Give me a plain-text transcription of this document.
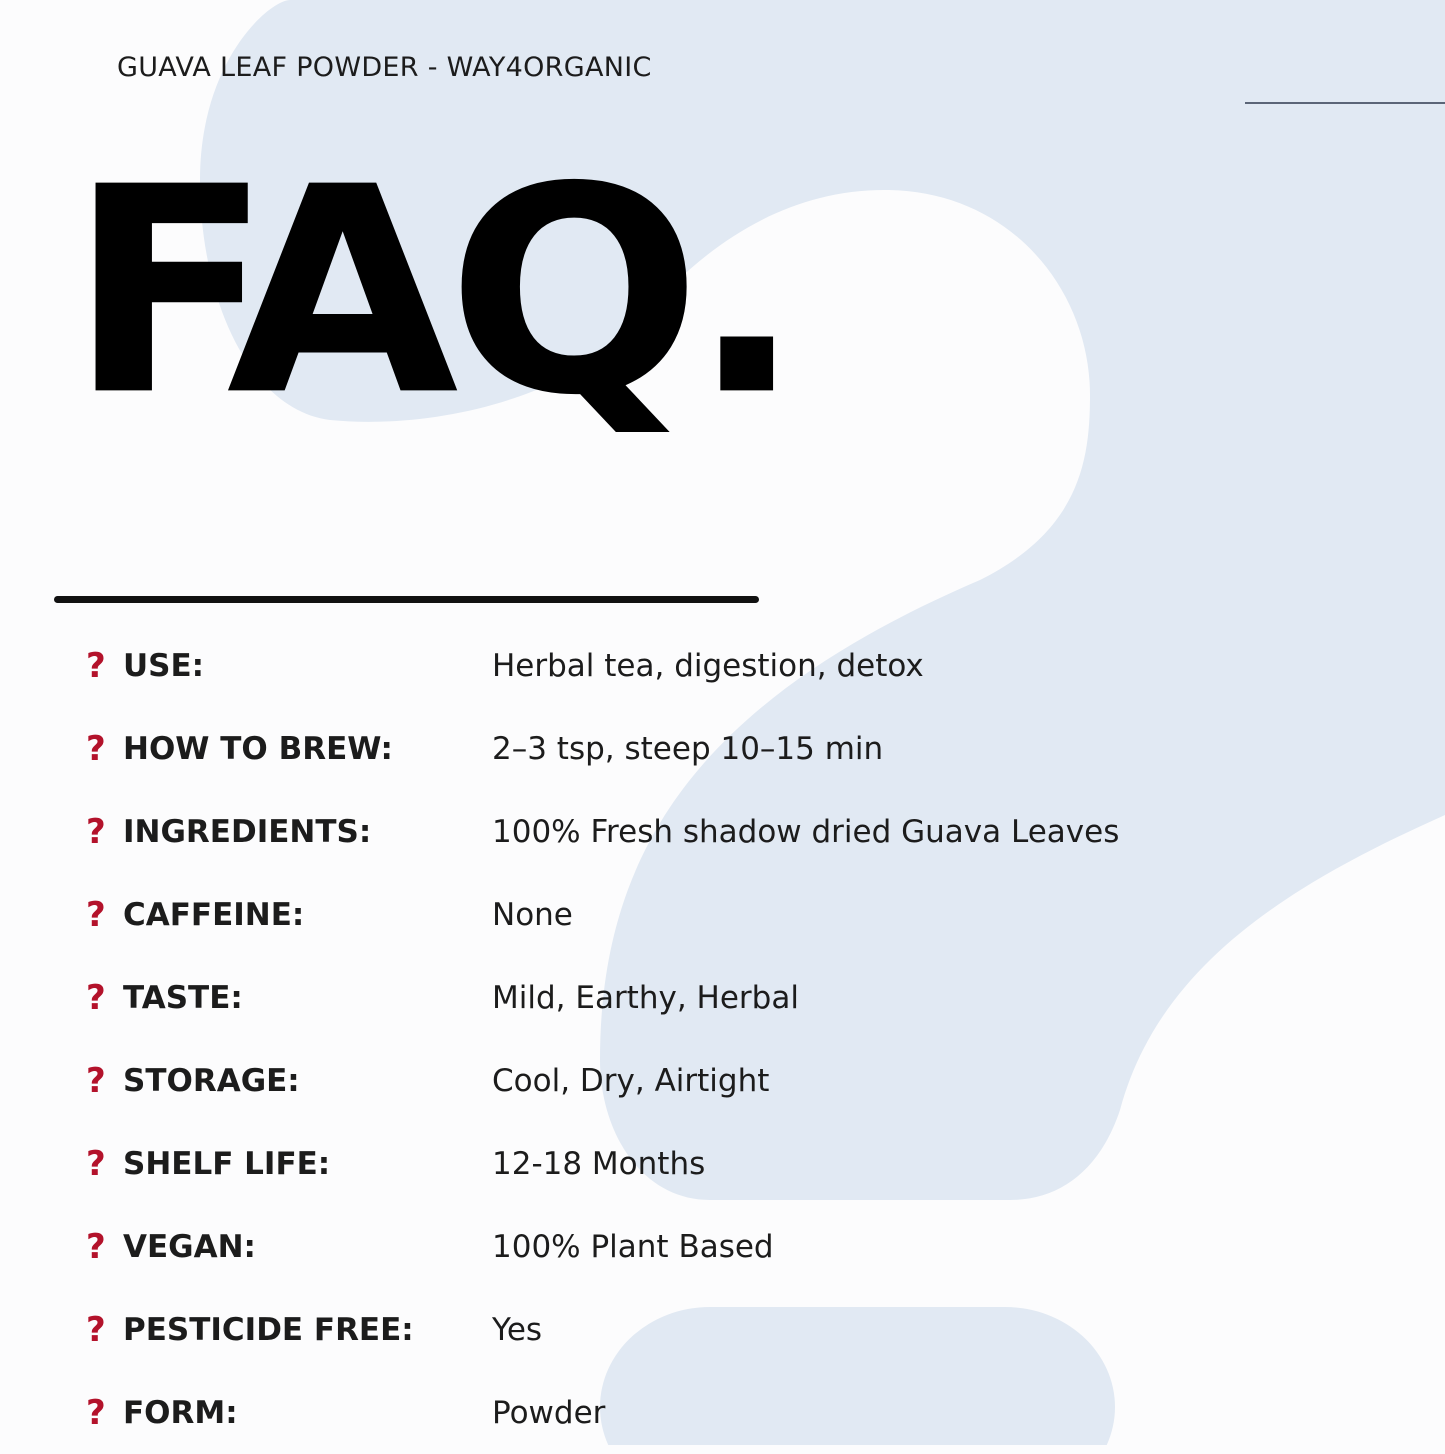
GUAVA LEAF POWDER - WAY4ORGANIC
FAQ.
? USE:	Herbal tea, digestion, detox
? HOW TO BREW:	2–3 tsp, steep 10–15 min
? INGREDIENTS:	100% Fresh shadow dried Guava Leaves
? CAFFEINE:	None
? TASTE:	Mild, Earthy, Herbal
? STORAGE:	Cool, Dry, Airtight
? SHELF LIFE:	12-18 Months
? VEGAN:	100% Plant Based
? PESTICIDE FREE:	Yes
? FORM:	Powder
